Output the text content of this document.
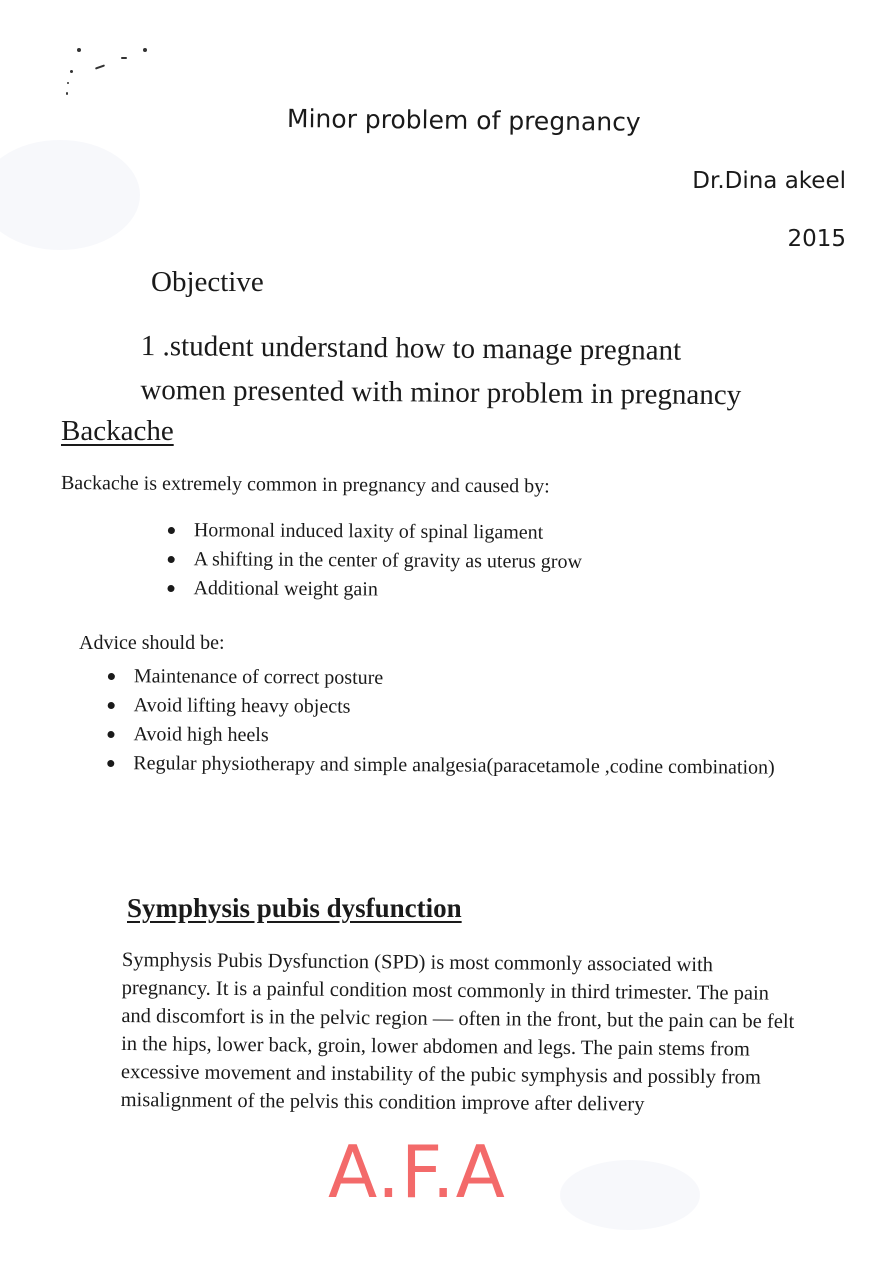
Minor problem of pregnancy
Dr.Dina akeel
2015
Objective
1 .student understand how to manage pregnant
women presented with minor problem in pregnancy
Backache
Backache is extremely common in pregnancy and caused by:
Hormonal induced laxity of spinal ligament
A shifting in the center of gravity as uterus grow
Additional weight gain
Advice should be:
Maintenance of correct posture
Avoid lifting heavy objects
Avoid high heels
Regular physiotherapy and simple analgesia(paracetamole ,codine combination)
Symphysis pubis dysfunction
Symphysis Pubis Dysfunction (SPD) is most commonly associated with
pregnancy. It is a painful condition most commonly in third trimester. The pain
and discomfort is in the pelvic region — often in the front, but the pain can be felt
in the hips, lower back, groin, lower abdomen and legs. The pain stems from
excessive movement and instability of the pubic symphysis and possibly from
misalignment of the pelvis this condition improve after delivery
A.F.A
